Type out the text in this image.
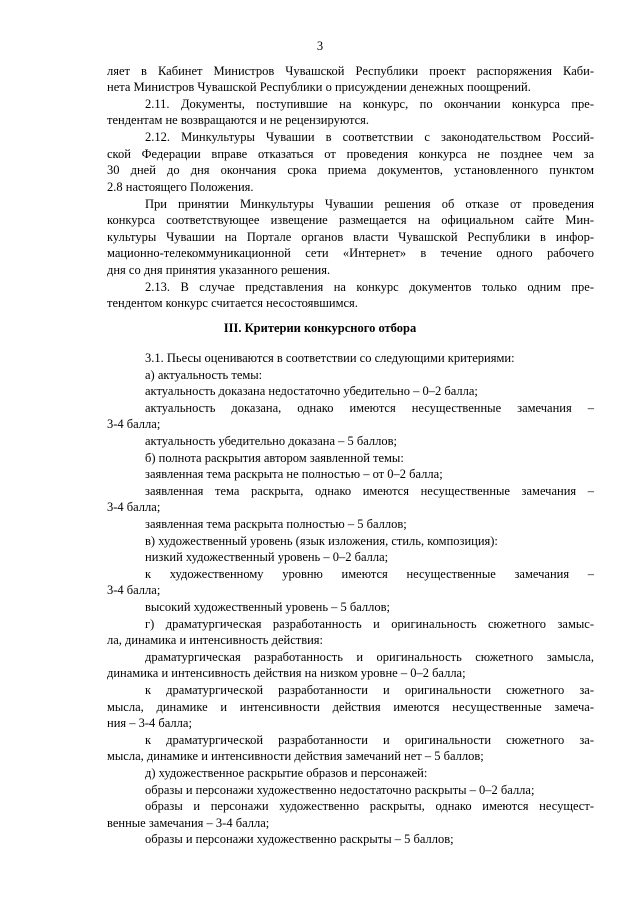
3
ляет в Кабинет Министров Чувашской Республики проект распоряжения Каби-
нета Министров Чувашской Республики о присуждении денежных поощрений.
2.11. Документы, поступившие на конкурс, по окончании конкурса пре-
тендентам не возвращаются и не рецензируются.
2.12. Минкультуры Чувашии в соответствии с законодательством Россий-
ской Федерации вправе отказаться от проведения конкурса не позднее чем за
30 дней до дня окончания срока приема документов, установленного пунктом
2.8 настоящего Положения.
При принятии Минкультуры Чувашии решения об отказе от проведения
конкурса соответствующее извещение размещается на официальном сайте Мин-
культуры Чувашии на Портале органов власти Чувашской Республики в инфор-
мационно-телекоммуникационной сети «Интернет» в течение одного рабочего
дня со дня принятия указанного решения.
2.13. В случае представления на конкурс документов только одним пре-
тендентом конкурс считается несостоявшимся.
III. Критерии конкурсного отбора
3.1. Пьесы оцениваются в соответствии со следующими критериями:
а) актуальность темы:
актуальность доказана недостаточно убедительно – 0–2 балла;
актуальность доказана, однако имеются несущественные замечания –
3-4 балла;
актуальность убедительно доказана – 5 баллов;
б) полнота раскрытия автором заявленной темы:
заявленная тема раскрыта не полностью – от 0–2 балла;
заявленная тема раскрыта, однако имеются несущественные замечания –
3-4 балла;
заявленная тема раскрыта полностью – 5 баллов;
в) художественный уровень (язык изложения, стиль, композиция):
низкий художественный уровень – 0–2 балла;
к художественному уровню имеются несущественные замечания –
3-4 балла;
высокий художественный уровень – 5 баллов;
г) драматургическая разработанность и оригинальность сюжетного замыс-
ла, динамика и интенсивность действия:
драматургическая разработанность и оригинальность сюжетного замысла,
динамика и интенсивность действия на низком уровне – 0–2 балла;
к драматургической разработанности и оригинальности сюжетного за-
мысла, динамике и интенсивности действия имеются несущественные замеча-
ния – 3-4 балла;
к драматургической разработанности и оригинальности сюжетного за-
мысла, динамике и интенсивности действия замечаний нет – 5 баллов;
д) художественное раскрытие образов и персонажей:
образы и персонажи художественно недостаточно раскрыты – 0–2 балла;
образы и персонажи художественно раскрыты, однако имеются несущест-
венные замечания – 3-4 балла;
образы и персонажи художественно раскрыты – 5 баллов;
